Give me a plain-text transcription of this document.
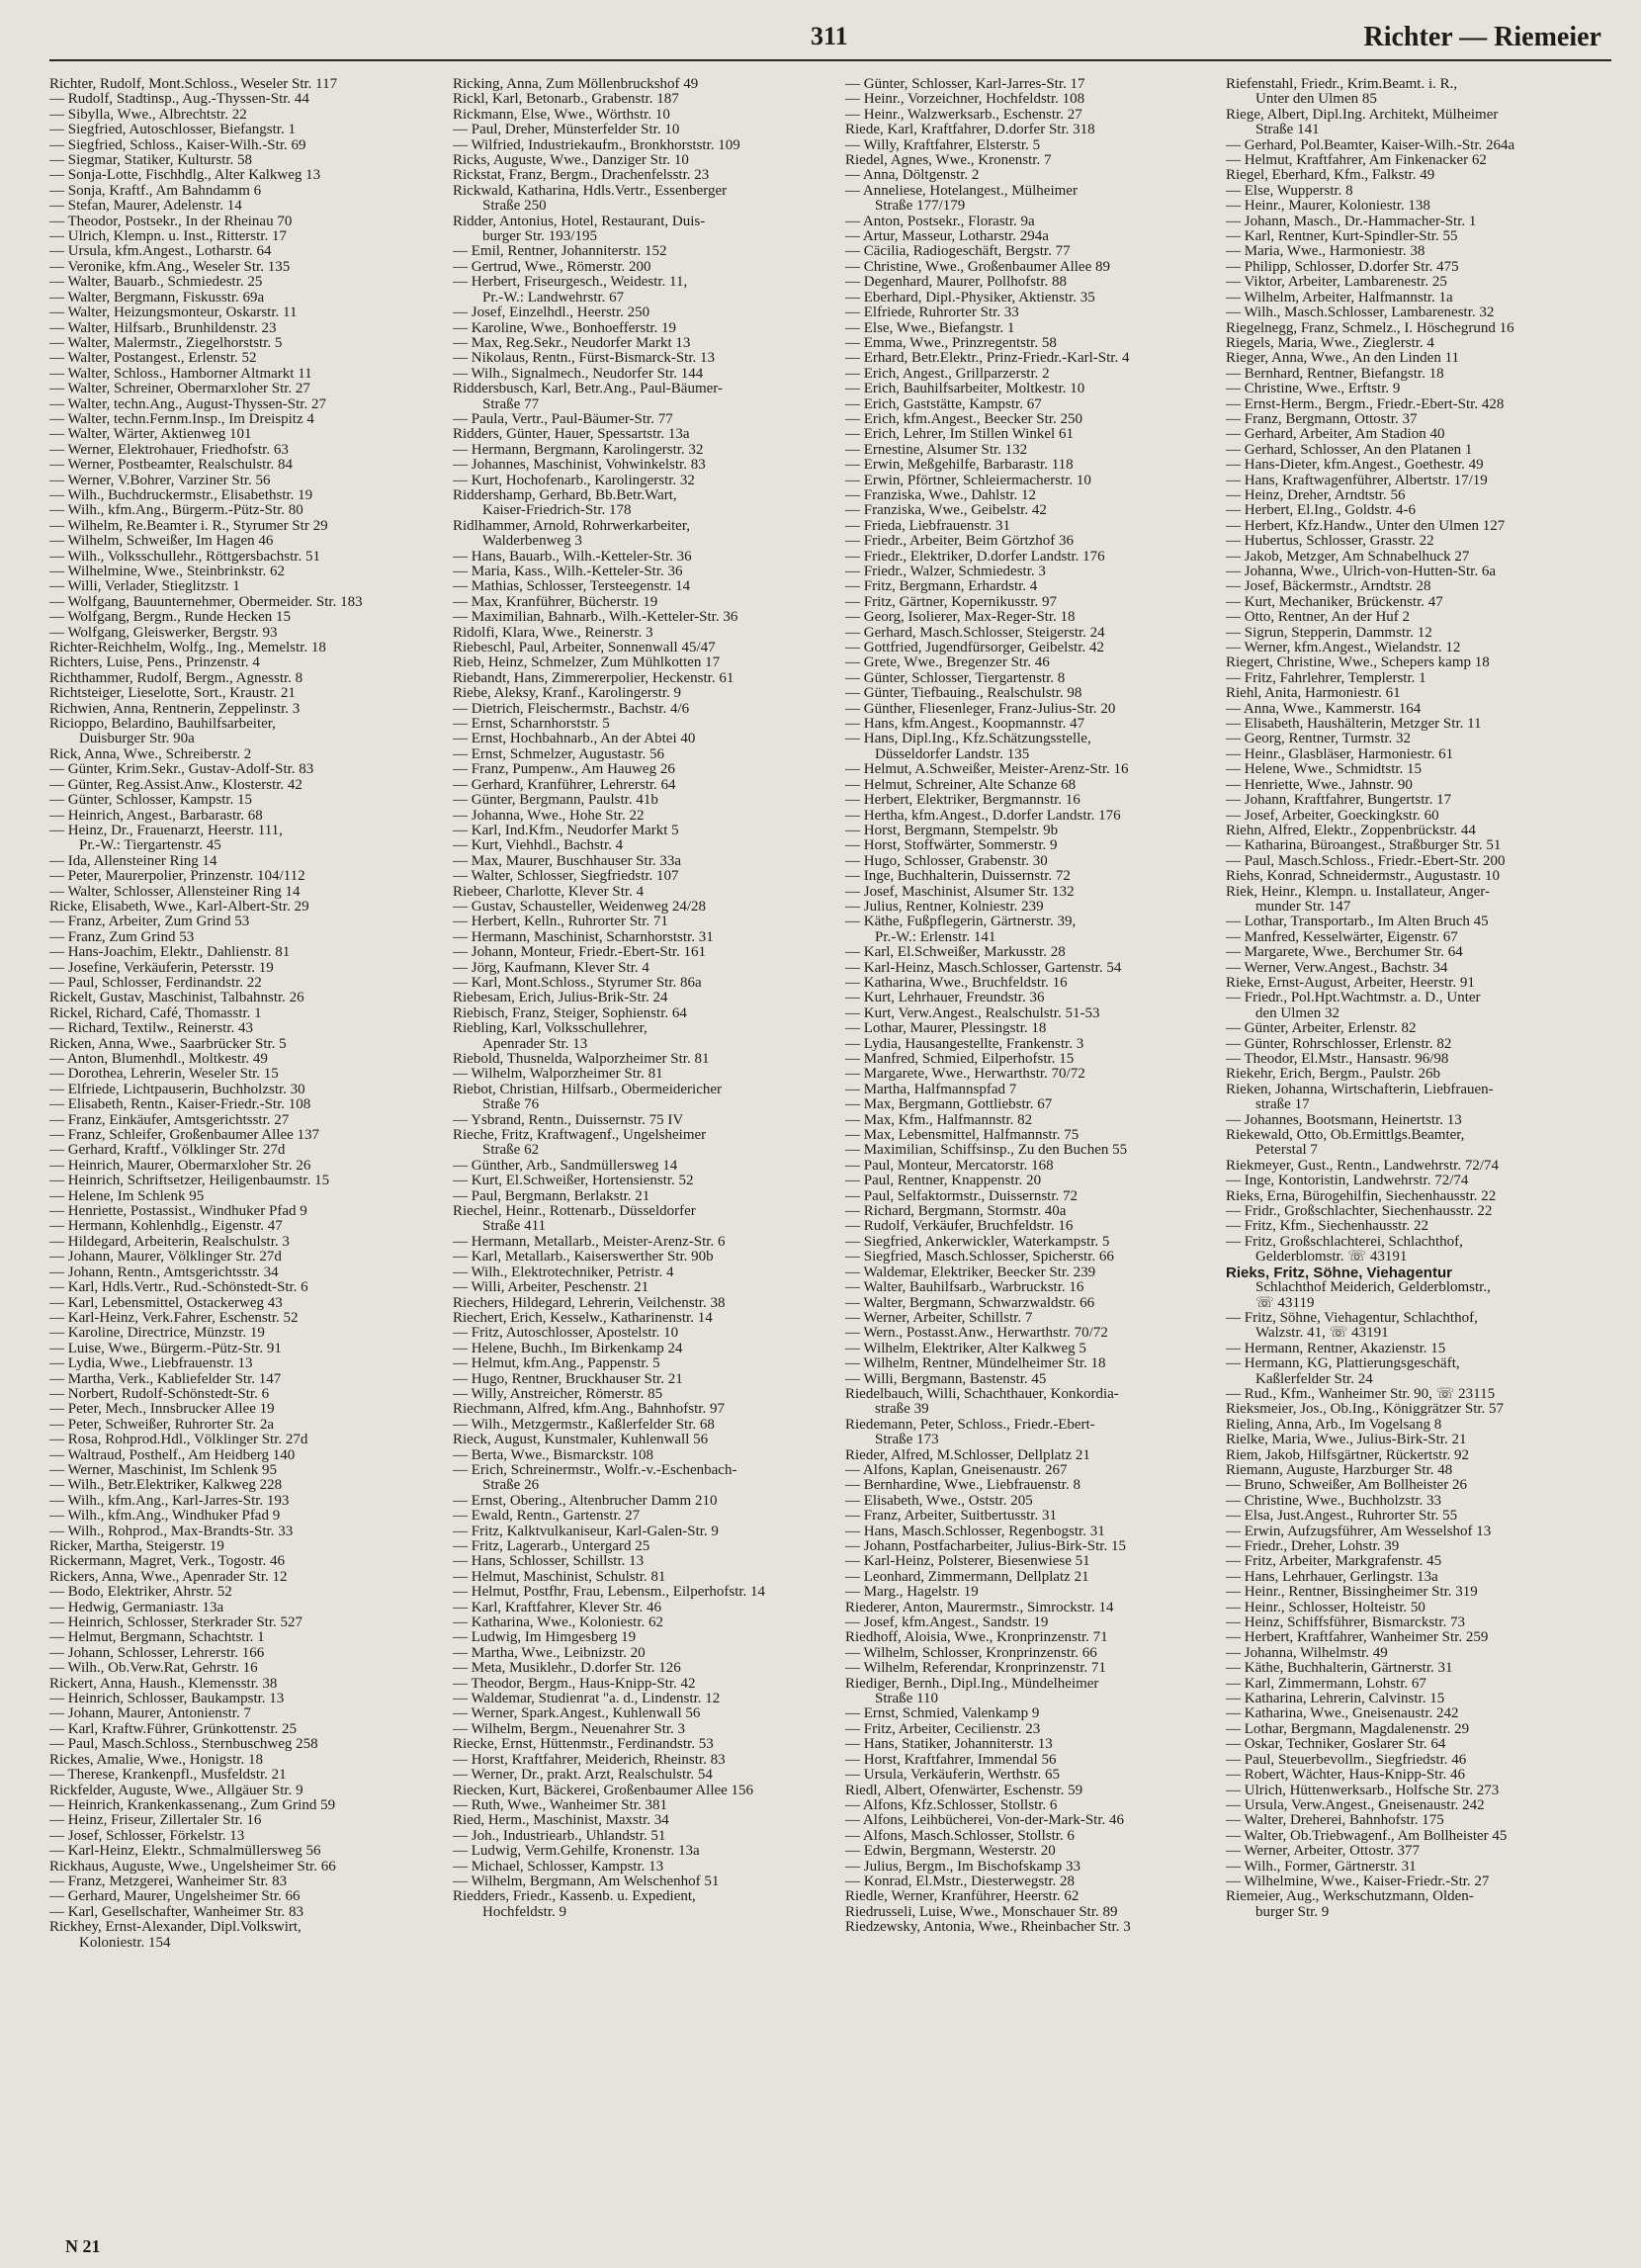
311	Richter — Riemeier
Richter, Rudolf, Mont.Schloss., Weseler Str. 117
— Rudolf, Stadtinsp., Aug.-Thyssen-Str. 44
— Sibylla, Wwe., Albrechtstr. 22
— Siegfried, Autoschlosser, Biefangstr. 1
— Siegfried, Schloss., Kaiser-Wilh.-Str. 69
— Siegmar, Statiker, Kulturstr. 58
— Sonja-Lotte, Fischhdlg., Alter Kalkweg 13
— Sonja, Kraftf., Am Bahndamm 6
— Stefan, Maurer, Adelenstr. 14
— Theodor, Postsekr., In der Rheinau 70
— Ulrich, Klempn. u. Inst., Ritterstr. 17
— Ursula, kfm.Angest., Lotharstr. 64
— Veronike, kfm.Ang., Weseler Str. 135
— Walter, Bauarb., Schmiedestr. 25
— Walter, Bergmann, Fiskusstr. 69a
— Walter, Heizungsmonteur, Oskarstr. 11
— Walter, Hilfsarb., Brunhildenstr. 23
— Walter, Malermstr., Ziegelhorststr. 5
— Walter, Postangest., Erlenstr. 52
— Walter, Schloss., Hamborner Altmarkt 11
— Walter, Schreiner, Obermarxloher Str. 27
— Walter, techn.Ang., August-Thyssen-Str. 27
— Walter, techn.Fernm.Insp., Im Dreispitz 4
— Walter, Wärter, Aktienweg 101
— Werner, Elektrohauer, Friedhofstr. 63
— Werner, Postbeamter, Realschulstr. 84
— Werner, V.Bohrer, Varziner Str. 56
— Wilh., Buchdruckermstr., Elisabethstr. 19
— Wilh., kfm.Ang., Bürgerm.-Pütz-Str. 80
— Wilhelm, Re.Beamter i. R., Styrumer Str 29
— Wilhelm, Schweißer, Im Hagen 46
— Wilh., Volksschullehr., Röttgersbachstr. 51
— Wilhelmine, Wwe., Steinbrinkstr. 62
— Willi, Verlader, Stieglitzstr. 1
— Wolfgang, Bauunternehmer, Obermeider. Str. 183
— Wolfgang, Bergm., Runde Hecken 15
— Wolfgang, Gleiswerker, Bergstr. 93
Richter-Reichhelm, Wolfg., Ing., Memelstr. 18
Richters, Luise, Pens., Prinzenstr. 4
Richthammer, Rudolf, Bergm., Agnesstr. 8
Richtsteiger, Lieselotte, Sort., Kraustr. 21
Richwien, Anna, Rentnerin, Zeppelinstr. 3
Ricioppo, Belardino, Bauhilfsarbeiter,
  Duisburger Str. 90a
Rick, Anna, Wwe., Schreiberstr. 2
— Günter, Krim.Sekr., Gustav-Adolf-Str. 83
— Günter, Reg.Assist.Anw., Klosterstr. 42
— Günter, Schlosser, Kampstr. 15
— Heinrich, Angest., Barbarastr. 68
— Heinz, Dr., Frauenarzt, Heerstr. 111,
  Pr.-W.: Tiergartenstr. 45
— Ida, Allensteiner Ring 14
— Peter, Maurerpolier, Prinzenstr. 104/112
— Walter, Schlosser, Allensteiner Ring 14
Ricke, Elisabeth, Wwe., Karl-Albert-Str. 29
— Franz, Arbeiter, Zum Grind 53
— Franz, Zum Grind 53
— Hans-Joachim, Elektr., Dahlienstr. 81
— Josefine, Verkäuferin, Petersstr. 19
— Paul, Schlosser, Ferdinandstr. 22
Rickelt, Gustav, Maschinist, Talbahnstr. 26
Rickel, Richard, Café, Thomasstr. 1
— Richard, Textilw., Reinerstr. 43
Ricken, Anna, Wwe., Saarbrücker Str. 5
— Anton, Blumenhdl., Moltkestr. 49
— Dorothea, Lehrerin, Weseler Str. 15
— Elfriede, Lichtpauserin, Buchholzstr. 30
— Elisabeth, Rentn., Kaiser-Friedr.-Str. 108
— Franz, Einkäufer, Amtsgerichtsstr. 27
— Franz, Schleifer, Großenbaumer Allee 137
— Gerhard, Kraftf., Völklinger Str. 27d
— Heinrich, Maurer, Obermarxloher Str. 26
— Heinrich, Schriftsetzer, Heiligenbaumstr. 15
— Helene, Im Schlenk 95
— Henriette, Postassist., Windhuker Pfad 9
— Hermann, Kohlenhdlg., Eigenstr. 47
— Hildegard, Arbeiterin, Realschulstr. 3
— Johann, Maurer, Völklinger Str. 27d
— Johann, Rentn., Amtsgerichtsstr. 34
— Karl, Hdls.Vertr., Rud.-Schönstedt-Str. 6
— Karl, Lebensmittel, Ostackerweg 43
— Karl-Heinz, Verk.Fahrer, Eschenstr. 52
— Karoline, Directrice, Münzstr. 19
— Luise, Wwe., Bürgerm.-Pütz-Str. 91
— Lydia, Wwe., Liebfrauenstr. 13
— Martha, Verk., Kabliefelder Str. 147
— Norbert, Rudolf-Schönstedt-Str. 6
— Peter, Mech., Innsbrucker Allee 19
— Peter, Schweißer, Ruhrorter Str. 2a
— Rosa, Rohprod.Hdl., Völklinger Str. 27d
— Waltraud, Posthelf., Am Heidberg 140
— Werner, Maschinist, Im Schlenk 95
— Wilh., Betr.Elektriker, Kalkweg 228
— Wilh., kfm.Ang., Karl-Jarres-Str. 193
— Wilh., kfm.Ang., Windhuker Pfad 9
— Wilh., Rohprod., Max-Brandts-Str. 33
Ricker, Martha, Steigerstr. 19
Rickermann, Magret, Verk., Togostr. 46
Rickers, Anna, Wwe., Apenrader Str. 12
— Bodo, Elektriker, Ahrstr. 52
— Hedwig, Germaniastr. 13a
— Heinrich, Schlosser, Sterkrader Str. 527
— Helmut, Bergmann, Schachtstr. 1
— Johann, Schlosser, Lehrerstr. 166
— Wilh., Ob.Verw.Rat, Gehrstr. 16
Rickert, Anna, Haush., Klemensstr. 38
— Heinrich, Schlosser, Baukampstr. 13
— Johann, Maurer, Antonienstr. 7
— Karl, Kraftw.Führer, Grünkottenstr. 25
— Paul, Masch.Schloss., Sternbuschweg 258
Rickes, Amalie, Wwe., Honigstr. 18
— Therese, Krankenpfl., Musfeldstr. 21
Rickfelder, Auguste, Wwe., Allgäuer Str. 9
— Heinrich, Krankenkassenang., Zum Grind 59
— Heinz, Friseur, Zillertaler Str. 16
— Josef, Schlosser, Förkelstr. 13
— Karl-Heinz, Elektr., Schmalmüllersweg 56
Rickhaus, Auguste, Wwe., Ungelsheimer Str. 66
— Franz, Metzgerei, Wanheimer Str. 83
— Gerhard, Maurer, Ungelsheimer Str. 66
— Karl, Gesellschafter, Wanheimer Str. 83
Rickhey, Ernst-Alexander, Dipl.Volkswirt,
  Koloniestr. 154
Ricking, Anna, Zum Möllenbruckshof 49
Rickl, Karl, Betonarb., Grabenstr. 187
Rickmann, Else, Wwe., Wörthstr. 10
— Paul, Dreher, Münsterfelder Str. 10
— Wilfried, Industriekaufm., Bronkhorststr. 109
Ricks, Auguste, Wwe., Danziger Str. 10
Rickstat, Franz, Bergm., Drachenfelsstr. 23
Rickwald, Katharina, Hdls.Vertr., Essenberger
  Straße 250
Ridder, Antonius, Hotel, Restaurant, Duis-
  burger Str. 193/195
— Emil, Rentner, Johanniterstr. 152
— Gertrud, Wwe., Römerstr. 200
— Herbert, Friseurgesch., Weidestr. 11,
  Pr.-W.: Landwehrstr. 67
— Josef, Einzelhdl., Heerstr. 250
— Karoline, Wwe., Bonhoefferstr. 19
— Max, Reg.Sekr., Neudorfer Markt 13
— Nikolaus, Rentn., Fürst-Bismarck-Str. 13
— Wilh., Signalmech., Neudorfer Str. 144
Riddersbusch, Karl, Betr.Ang., Paul-Bäumer-
  Straße 77
— Paula, Vertr., Paul-Bäumer-Str. 77
Ridders, Günter, Hauer, Spessartstr. 13a
— Hermann, Bergmann, Karolingerstr. 32
— Johannes, Maschinist, Vohwinkelstr. 83
— Kurt, Hochofenarb., Karolingerstr. 32
Riddershamp, Gerhard, Bb.Betr.Wart,
  Kaiser-Friedrich-Str. 178
Ridlhammer, Arnold, Rohrwerkarbeiter,
  Walderbenweg 3
— Hans, Bauarb., Wilh.-Ketteler-Str. 36
— Maria, Kass., Wilh.-Ketteler-Str. 36
— Mathias, Schlosser, Tersteegenstr. 14
— Max, Kranführer, Bücherstr. 19
— Maximilian, Bahnarb., Wilh.-Ketteler-Str. 36
Ridolfi, Klara, Wwe., Reinerstr. 3
Riebeschl, Paul, Arbeiter, Sonnenwall 45/47
Rieb, Heinz, Schmelzer, Zum Mühlkotten 17
Riebandt, Hans, Zimmererpolier, Heckenstr. 61
Riebe, Aleksy, Kranf., Karolingerstr. 9
— Dietrich, Fleischermstr., Bachstr. 4/6
— Ernst, Scharnhorststr. 5
— Ernst, Hochbahnarb., An der Abtei 40
— Ernst, Schmelzer, Augustastr. 56
— Franz, Pumpenw., Am Hauweg 26
— Gerhard, Kranführer, Lehrerstr. 64
— Günter, Bergmann, Paulstr. 41b
— Johanna, Wwe., Hohe Str. 22
— Karl, Ind.Kfm., Neudorfer Markt 5
— Kurt, Viehhdl., Bachstr. 4
— Max, Maurer, Buschhauser Str. 33a
— Walter, Schlosser, Siegfriedstr. 107
Riebeer, Charlotte, Klever Str. 4
— Gustav, Schausteller, Weidenweg 24/28
— Herbert, Kelln., Ruhrorter Str. 71
— Hermann, Maschinist, Scharnhorststr. 31
— Johann, Monteur, Friedr.-Ebert-Str. 161
— Jörg, Kaufmann, Klever Str. 4
— Karl, Mont.Schloss., Styrumer Str. 86a
Riebesam, Erich, Julius-Brik-Str. 24
Riebisch, Franz, Steiger, Sophienstr. 64
Riebling, Karl, Volksschullehrer,
  Apenrader Str. 13
Riebold, Thusnelda, Walporzheimer Str. 81
— Wilhelm, Walporzheimer Str. 81
Riebot, Christian, Hilfsarb., Obermeidericher
  Straße 76
— Ysbrand, Rentn., Duissernstr. 75 IV
Rieche, Fritz, Kraftwagenf., Ungelsheimer
  Straße 62
— Günther, Arb., Sandmüllersweg 14
— Kurt, El.Schweißer, Hortensienstr. 52
— Paul, Bergmann, Berlakstr. 21
Riechel, Heinr., Rottenarb., Düsseldorfer
  Straße 411
— Hermann, Metallarb., Meister-Arenz-Str. 6
— Karl, Metallarb., Kaiserswerther Str. 90b
— Wilh., Elektrotechniker, Petristr. 4
— Willi, Arbeiter, Peschenstr. 21
Riechers, Hildegard, Lehrerin, Veilchenstr. 38
Riechert, Erich, Kesselw., Katharinenstr. 14
— Fritz, Autoschlosser, Apostelstr. 10
— Helene, Buchh., Im Birkenkamp 24
— Helmut, kfm.Ang., Pappenstr. 5
— Hugo, Rentner, Bruckhauser Str. 21
— Willy, Anstreicher, Römerstr. 85
Riechmann, Alfred, kfm.Ang., Bahnhofstr. 97
— Wilh., Metzgermstr., Kaßlerfelder Str. 68
Rieck, August, Kunstmaler, Kuhlenwall 56
— Berta, Wwe., Bismarckstr. 108
— Erich, Schreinermstr., Wolfr.-v.-Eschenbach-
  Straße 26
— Ernst, Obering., Altenbrucher Damm 210
— Ewald, Rentn., Gartenstr. 27
— Fritz, Kalktvulkaniseur, Karl-Galen-Str. 9
— Fritz, Lagerarb., Untergard 25
— Hans, Schlosser, Schillstr. 13
— Helmut, Maschinist, Schulstr. 81
— Helmut, Postfhr, Frau, Lebensm., Eilperhofstr. 14
— Karl, Kraftfahrer, Klever Str. 46
— Katharina, Wwe., Koloniestr. 62
— Ludwig, Im Himgesberg 19
— Martha, Wwe., Leibnizstr. 20
— Meta, Musiklehr., D.dorfer Str. 126
— Theodor, Bergm., Haus-Knipp-Str. 42
— Waldemar, Studienrat "a. d., Lindenstr. 12
— Werner, Spark.Angest., Kuhlenwall 56
— Wilhelm, Bergm., Neuenahrer Str. 3
Riecke, Ernst, Hüttenmstr., Ferdinandstr. 53
— Horst, Kraftfahrer, Meiderich, Rheinstr. 83
— Werner, Dr., prakt. Arzt, Realschulstr. 54
Riecken, Kurt, Bäckerei, Großenbaumer Allee 156
— Ruth, Wwe., Wanheimer Str. 381
Ried, Herm., Maschinist, Maxstr. 34
— Joh., Industriearb., Uhlandstr. 51
— Ludwig, Verm.Gehilfe, Kronenstr. 13a
— Michael, Schlosser, Kampstr. 13
— Wilhelm, Bergmann, Am Welschenhof 51
Riedders, Friedr., Kassenb. u. Expedient,
  Hochfeldstr. 9
— Günter, Schlosser, Karl-Jarres-Str. 17
— Heinr., Vorzeichner, Hochfeldstr. 108
— Heinr., Walzwerksarb., Eschenstr. 27
Riede, Karl, Kraftfahrer, D.dorfer Str. 318
— Willy, Kraftfahrer, Elsterstr. 5
Riedel, Agnes, Wwe., Kronenstr. 7
— Anna, Döltgenstr. 2
— Anneliese, Hotelangest., Mülheimer
  Straße 177/179
— Anton, Postsekr., Florastr. 9a
— Artur, Masseur, Lotharstr. 294a
— Cäcilia, Radiogeschäft, Bergstr. 77
— Christine, Wwe., Großenbaumer Allee 89
— Degenhard, Maurer, Pollhofstr. 88
— Eberhard, Dipl.-Physiker, Aktienstr. 35
— Elfriede, Ruhrorter Str. 33
— Else, Wwe., Biefangstr. 1
— Emma, Wwe., Prinzregentstr. 58
— Erhard, Betr.Elektr., Prinz-Friedr.-Karl-Str. 4
— Erich, Angest., Grillparzerstr. 2
— Erich, Bauhilfsarbeiter, Moltkestr. 10
— Erich, Gaststätte, Kampstr. 67
— Erich, kfm.Angest., Beecker Str. 250
— Erich, Lehrer, Im Stillen Winkel 61
— Ernestine, Alsumer Str. 132
— Erwin, Meßgehilfe, Barbarastr. 118
— Erwin, Pförtner, Schleiermacherstr. 10
— Franziska, Wwe., Dahlstr. 12
— Franziska, Wwe., Geibelstr. 42
— Frieda, Liebfrauenstr. 31
— Friedr., Arbeiter, Beim Görtzhof 36
— Friedr., Elektriker, D.dorfer Landstr. 176
— Friedr., Walzer, Schmiedestr. 3
— Fritz, Bergmann, Erhardstr. 4
— Fritz, Gärtner, Kopernikusstr. 97
— Georg, Isolierer, Max-Reger-Str. 18
— Gerhard, Masch.Schlosser, Steigerstr. 24
— Gottfried, Jugendfürsorger, Geibelstr. 42
— Grete, Wwe., Bregenzer Str. 46
— Günter, Schlosser, Tiergartenstr. 8
— Günter, Tiefbauing., Realschulstr. 98
— Günther, Fliesenleger, Franz-Julius-Str. 20
— Hans, kfm.Angest., Koopmannstr. 47
— Hans, Dipl.Ing., Kfz.Schätzungsstelle,
  Düsseldorfer Landstr. 135
— Helmut, A.Schweißer, Meister-Arenz-Str. 16
— Helmut, Schreiner, Alte Schanze 68
— Herbert, Elektriker, Bergmannstr. 16
— Hertha, kfm.Angest., D.dorfer Landstr. 176
— Horst, Bergmann, Stempelstr. 9b
— Horst, Stoffwärter, Sommerstr. 9
— Hugo, Schlosser, Grabenstr. 30
— Inge, Buchhalterin, Duissernstr. 72
— Josef, Maschinist, Alsumer Str. 132
— Julius, Rentner, Kolniestr. 239
— Käthe, Fußpflegerin, Gärtnerstr. 39,
  Pr.-W.: Erlenstr. 141
— Karl, El.Schweißer, Markusstr. 28
— Karl-Heinz, Masch.Schlosser, Gartenstr. 54
— Katharina, Wwe., Bruchfeldstr. 16
— Kurt, Lehrhauer, Freundstr. 36
— Kurt, Verw.Angest., Realschulstr. 51-53
— Lothar, Maurer, Plessingstr. 18
— Lydia, Hausangestellte, Frankenstr. 3
— Manfred, Schmied, Eilperhofstr. 15
— Margarete, Wwe., Herwarthstr. 70/72
— Martha, Halfmannspfad 7
— Max, Bergmann, Gottliebstr. 67
— Max, Kfm., Halfmannstr. 82
— Max, Lebensmittel, Halfmannstr. 75
— Maximilian, Schiffsinsp., Zu den Buchen 55
— Paul, Monteur, Mercatorstr. 168
— Paul, Rentner, Knappenstr. 20
— Paul, Selfaktormstr., Duissernstr. 72
— Richard, Bergmann, Stormstr. 40a
— Rudolf, Verkäufer, Bruchfeldstr. 16
— Siegfried, Ankerwickler, Waterkampstr. 5
— Siegfried, Masch.Schlosser, Spicherstr. 66
— Waldemar, Elektriker, Beecker Str. 239
— Walter, Bauhilfsarb., Warbruckstr. 16
— Walter, Bergmann, Schwarzwaldstr. 66
— Werner, Arbeiter, Schillstr. 7
— Wern., Postasst.Anw., Herwarthstr. 70/72
— Wilhelm, Elektriker, Alter Kalkweg 5
— Wilhelm, Rentner, Mündelheimer Str. 18
— Willi, Bergmann, Bastenstr. 45
Riedelbauch, Willi, Schachthauer, Konkordia-
  straße 39
Riedemann, Peter, Schloss., Friedr.-Ebert-
  Straße 173
Rieder, Alfred, M.Schlosser, Dellplatz 21
— Alfons, Kaplan, Gneisenaustr. 267
— Bernhardine, Wwe., Liebfrauenstr. 8
— Elisabeth, Wwe., Oststr. 205
— Franz, Arbeiter, Suitbertusstr. 31
— Hans, Masch.Schlosser, Regenbogstr. 31
— Johann, Postfacharbeiter, Julius-Birk-Str. 15
— Karl-Heinz, Polsterer, Biesenwiese 51
— Leonhard, Zimmermann, Dellplatz 21
— Marg., Hagelstr. 19
Riederer, Anton, Maurermstr., Simrockstr. 14
— Josef, kfm.Angest., Sandstr. 19
Riedhoff, Aloisia, Wwe., Kronprinzenstr. 71
— Wilhelm, Schlosser, Kronprinzenstr. 66
— Wilhelm, Referendar, Kronprinzenstr. 71
Riediger, Bernh., Dipl.Ing., Mündelheimer
  Straße 110
— Ernst, Schmied, Valenkamp 9
— Fritz, Arbeiter, Cecilienstr. 23
— Hans, Statiker, Johanniterstr. 13
— Horst, Kraftfahrer, Immendal 56
— Ursula, Verkäuferin, Werthstr. 65
Riedl, Albert, Ofenwärter, Eschenstr. 59
— Alfons, Kfz.Schlosser, Stollstr. 6
— Alfons, Leihbücherei, Von-der-Mark-Str. 46
— Alfons, Masch.Schlosser, Stollstr. 6
— Edwin, Bergmann, Westerstr. 20
— Julius, Bergm., Im Bischofskamp 33
— Konrad, El.Mstr., Diesterwegstr. 28
Riedle, Werner, Kranführer, Heerstr. 62
Riedrusseli, Luise, Wwe., Monschauer Str. 89
Riedzewsky, Antonia, Wwe., Rheinbacher Str. 3
Riefenstahl, Friedr., Krim.Beamt. i. R.,
  Unter den Ulmen 85
Riege, Albert, Dipl.Ing. Architekt, Mülheimer
  Straße 141
— Gerhard, Pol.Beamter, Kaiser-Wilh.-Str. 264a
— Helmut, Kraftfahrer, Am Finkenacker 62
Riegel, Eberhard, Kfm., Falkstr. 49
— Else, Wupperstr. 8
— Heinr., Maurer, Koloniestr. 138
— Johann, Masch., Dr.-Hammacher-Str. 1
— Karl, Rentner, Kurt-Spindler-Str. 55
— Maria, Wwe., Harmoniestr. 38
— Philipp, Schlosser, D.dorfer Str. 475
— Viktor, Arbeiter, Lambarenestr. 25
— Wilhelm, Arbeiter, Halfmannstr. 1a
— Wilh., Masch.Schlosser, Lambarenestr. 32
Riegelnegg, Franz, Schmelz., I. Höschegrund 16
Riegels, Maria, Wwe., Zieglerstr. 4
Rieger, Anna, Wwe., An den Linden 11
— Bernhard, Rentner, Biefangstr. 18
— Christine, Wwe., Erftstr. 9
— Ernst-Herm., Bergm., Friedr.-Ebert-Str. 428
— Franz, Bergmann, Ottostr. 37
— Gerhard, Arbeiter, Am Stadion 40
— Gerhard, Schlosser, An den Platanen 1
— Hans-Dieter, kfm.Angest., Goethestr. 49
— Hans, Kraftwagenführer, Albertstr. 17/19
— Heinz, Dreher, Arndtstr. 56
— Herbert, El.Ing., Goldstr. 4-6
— Herbert, Kfz.Handw., Unter den Ulmen 127
— Hubertus, Schlosser, Grasstr. 22
— Jakob, Metzger, Am Schnabelhuck 27
— Johanna, Wwe., Ulrich-von-Hutten-Str. 6a
— Josef, Bäckermstr., Arndtstr. 28
— Kurt, Mechaniker, Brückenstr. 47
— Otto, Rentner, An der Huf 2
— Sigrun, Stepperin, Dammstr. 12
— Werner, kfm.Angest., Wielandstr. 12
Riegert, Christine, Wwe., Schepers kamp 18
— Fritz, Fahrlehrer, Templerstr. 1
Riehl, Anita, Harmoniestr. 61
— Anna, Wwe., Kammerstr. 164
— Elisabeth, Haushälterin, Metzger Str. 11
— Georg, Rentner, Turmstr. 32
— Heinr., Glasbläser, Harmoniestr. 61
— Helene, Wwe., Schmidtstr. 15
— Henriette, Wwe., Jahnstr. 90
— Johann, Kraftfahrer, Bungertstr. 17
— Josef, Arbeiter, Goeckingkstr. 60
Riehn, Alfred, Elektr., Zoppenbrückstr. 44
— Katharina, Büroangest., Straßburger Str. 51
— Paul, Masch.Schloss., Friedr.-Ebert-Str. 200
Riehs, Konrad, Schneidermstr., Augustastr. 10
Riek, Heinr., Klempn. u. Installateur, Anger-
  munder Str. 147
— Lothar, Transportarb., Im Alten Bruch 45
— Manfred, Kesselwärter, Eigenstr. 67
— Margarete, Wwe., Berchumer Str. 64
— Werner, Verw.Angest., Bachstr. 34
Rieke, Ernst-August, Arbeiter, Heerstr. 91
— Friedr., Pol.Hpt.Wachtmstr. a. D., Unter
  den Ulmen 32
— Günter, Arbeiter, Erlenstr. 82
— Günter, Rohrschlosser, Erlenstr. 82
— Theodor, El.Mstr., Hansastr. 96/98
Riekehr, Erich, Bergm., Paulstr. 26b
Rieken, Johanna, Wirtschafterin, Liebfrauen-
  straße 17
— Johannes, Bootsmann, Heinertstr. 13
Riekewald, Otto, Ob.Ermittlgs.Beamter,
  Peterstal 7
Riekmeyer, Gust., Rentn., Landwehrstr. 72/74
— Inge, Kontoristin, Landwehrstr. 72/74
Rieks, Erna, Bürogehilfin, Siechenhausstr. 22
— Fridr., Großschlachter, Siechenhausstr. 22
— Fritz, Kfm., Siechenhausstr. 22
— Fritz, Großschlachterei, Schlachthof,
  Gelderblomstr. ☏ 43191
Rieks, Fritz, Söhne, Viehagentur
  Schlachthof Meiderich, Gelderblomstr.,
  ☏ 43119
— Fritz, Söhne, Viehagentur, Schlachthof,
  Walzstr. 41, ☏ 43191
— Hermann, Rentner, Akazienstr. 15
— Hermann, KG, Plattierungsgeschäft,
  Kaßlerfelder Str. 24
— Rud., Kfm., Wanheimer Str. 90, ☏ 23115
Rieksmeier, Jos., Ob.Ing., Königgrätzer Str. 57
Rieling, Anna, Arb., Im Vogelsang 8
Rielke, Maria, Wwe., Julius-Birk-Str. 21
Riem, Jakob, Hilfsgärtner, Rückertstr. 92
Riemann, Auguste, Harzburger Str. 48
— Bruno, Schweißer, Am Bollheister 26
— Christine, Wwe., Buchholzstr. 33
— Elsa, Just.Angest., Ruhrorter Str. 55
— Erwin, Aufzugsführer, Am Wesselshof 13
— Friedr., Dreher, Lohstr. 39
— Fritz, Arbeiter, Markgrafenstr. 45
— Hans, Lehrhauer, Gerlingstr. 13a
— Heinr., Rentner, Bissingheimer Str. 319
— Heinr., Schlosser, Holteistr. 50
— Heinz, Schiffsführer, Bismarckstr. 73
— Herbert, Kraftfahrer, Wanheimer Str. 259
— Johanna, Wilhelmstr. 49
— Käthe, Buchhalterin, Gärtnerstr. 31
— Karl, Zimmermann, Lohstr. 67
— Katharina, Lehrerin, Calvinstr. 15
— Katharina, Wwe., Gneisenaustr. 242
— Lothar, Bergmann, Magdalenenstr. 29
— Oskar, Techniker, Goslarer Str. 64
— Paul, Steuerbevollm., Siegfriedstr. 46
— Robert, Wächter, Haus-Knipp-Str. 46
— Ulrich, Hüttenwerksarb., Holfsche Str. 273
— Ursula, Verw.Angest., Gneisenaustr. 242
— Walter, Dreherei, Bahnhofstr. 175
— Walter, Ob.Triebwagenf., Am Bollheister 45
— Werner, Arbeiter, Ottostr. 377
— Wilh., Former, Gärtnerstr. 31
— Wilhelmine, Wwe., Kaiser-Friedr.-Str. 27
Riemeier, Aug., Werkschutzmann, Olden-
  burger Str. 9
N 21
